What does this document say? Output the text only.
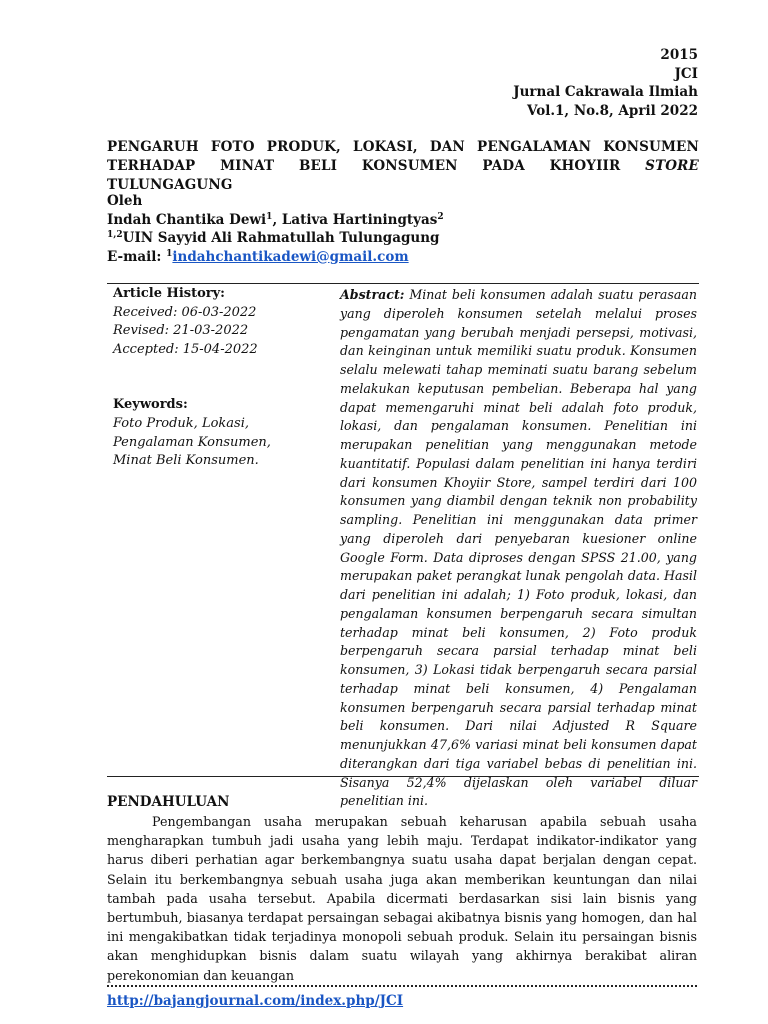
2015
JCI
Jurnal Cakrawala Ilmiah
Vol.1, No.8, April 2022
PENGARUH FOTO PRODUK, LOKASI, DAN PENGALAMAN KONSUMEN TERHADAP MINAT BELI KONSUMEN PADA KHOYIIR STORE TULUNGAGUNG
Oleh
Indah Chantika Dewi$^1$, Lativa Hartiningtyas$^2$
$^{1,2}$UIN Sayyid Ali Rahmatullah Tulungagung
E-mail: $^1$indahchantikadewi@gmail.com
Article History:
Received: 06-03-2022
Revised: 21-03-2022
Accepted: 15-04-2022
Keywords:
Foto Produk, Lokasi,
Pengalaman Konsumen,
Minat Beli Konsumen.
Abstract: Minat beli konsumen adalah suatu perasaan yang diperoleh konsumen setelah melalui proses pengamatan yang berubah menjadi persepsi, motivasi, dan keinginan untuk memiliki suatu produk. Konsumen selalu melewati tahap meminati suatu barang sebelum melakukan keputusan pembelian. Beberapa hal yang dapat memengaruhi minat beli adalah foto produk, lokasi, dan pengalaman konsumen. Penelitian ini merupakan penelitian yang menggunakan metode kuantitatif. Populasi dalam penelitian ini hanya terdiri dari konsumen Khoyiir Store, sampel terdiri dari 100 konsumen yang diambil dengan teknik non probability sampling. Penelitian ini menggunakan data primer yang diperoleh dari penyebaran kuesioner online Google Form. Data diproses dengan SPSS 21.00, yang merupakan paket perangkat lunak pengolah data. Hasil dari penelitian ini adalah; 1) Foto produk, lokasi, dan pengalaman konsumen berpengaruh secara simultan terhadap minat beli konsumen, 2) Foto produk berpengaruh secara parsial terhadap minat beli konsumen, 3) Lokasi tidak berpengaruh secara parsial terhadap minat beli konsumen, 4) Pengalaman konsumen berpengaruh secara parsial terhadap minat beli konsumen. Dari nilai Adjusted R Square menunjukkan 47,6% variasi minat beli konsumen dapat diterangkan dari tiga variabel bebas di penelitian ini. Sisanya 52,4% dijelaskan oleh variabel diluar penelitian ini.
PENDAHULUAN

Pengembangan usaha merupakan sebuah keharusan apabila sebuah usaha mengharapkan tumbuh jadi usaha yang lebih maju. Terdapat indikator-indikator yang harus diberi perhatian agar berkembangnya suatu usaha dapat berjalan dengan cepat. Selain itu berkembangnya sebuah usaha juga akan memberikan keuntungan dan nilai tambah pada usaha tersebut. Apabila dicermati berdasarkan sisi lain bisnis yang bertumbuh, biasanya terdapat persaingan sebagai akibatnya bisnis yang homogen, dan hal ini mengakibatkan tidak terjadinya monopoli sebuah produk. Selain itu persaingan bisnis akan menghidupkan bisnis dalam suatu wilayah yang akhirnya berakibat aliran perekonomian dan keuangan

http://bajangjournal.com/index.php/JCI
